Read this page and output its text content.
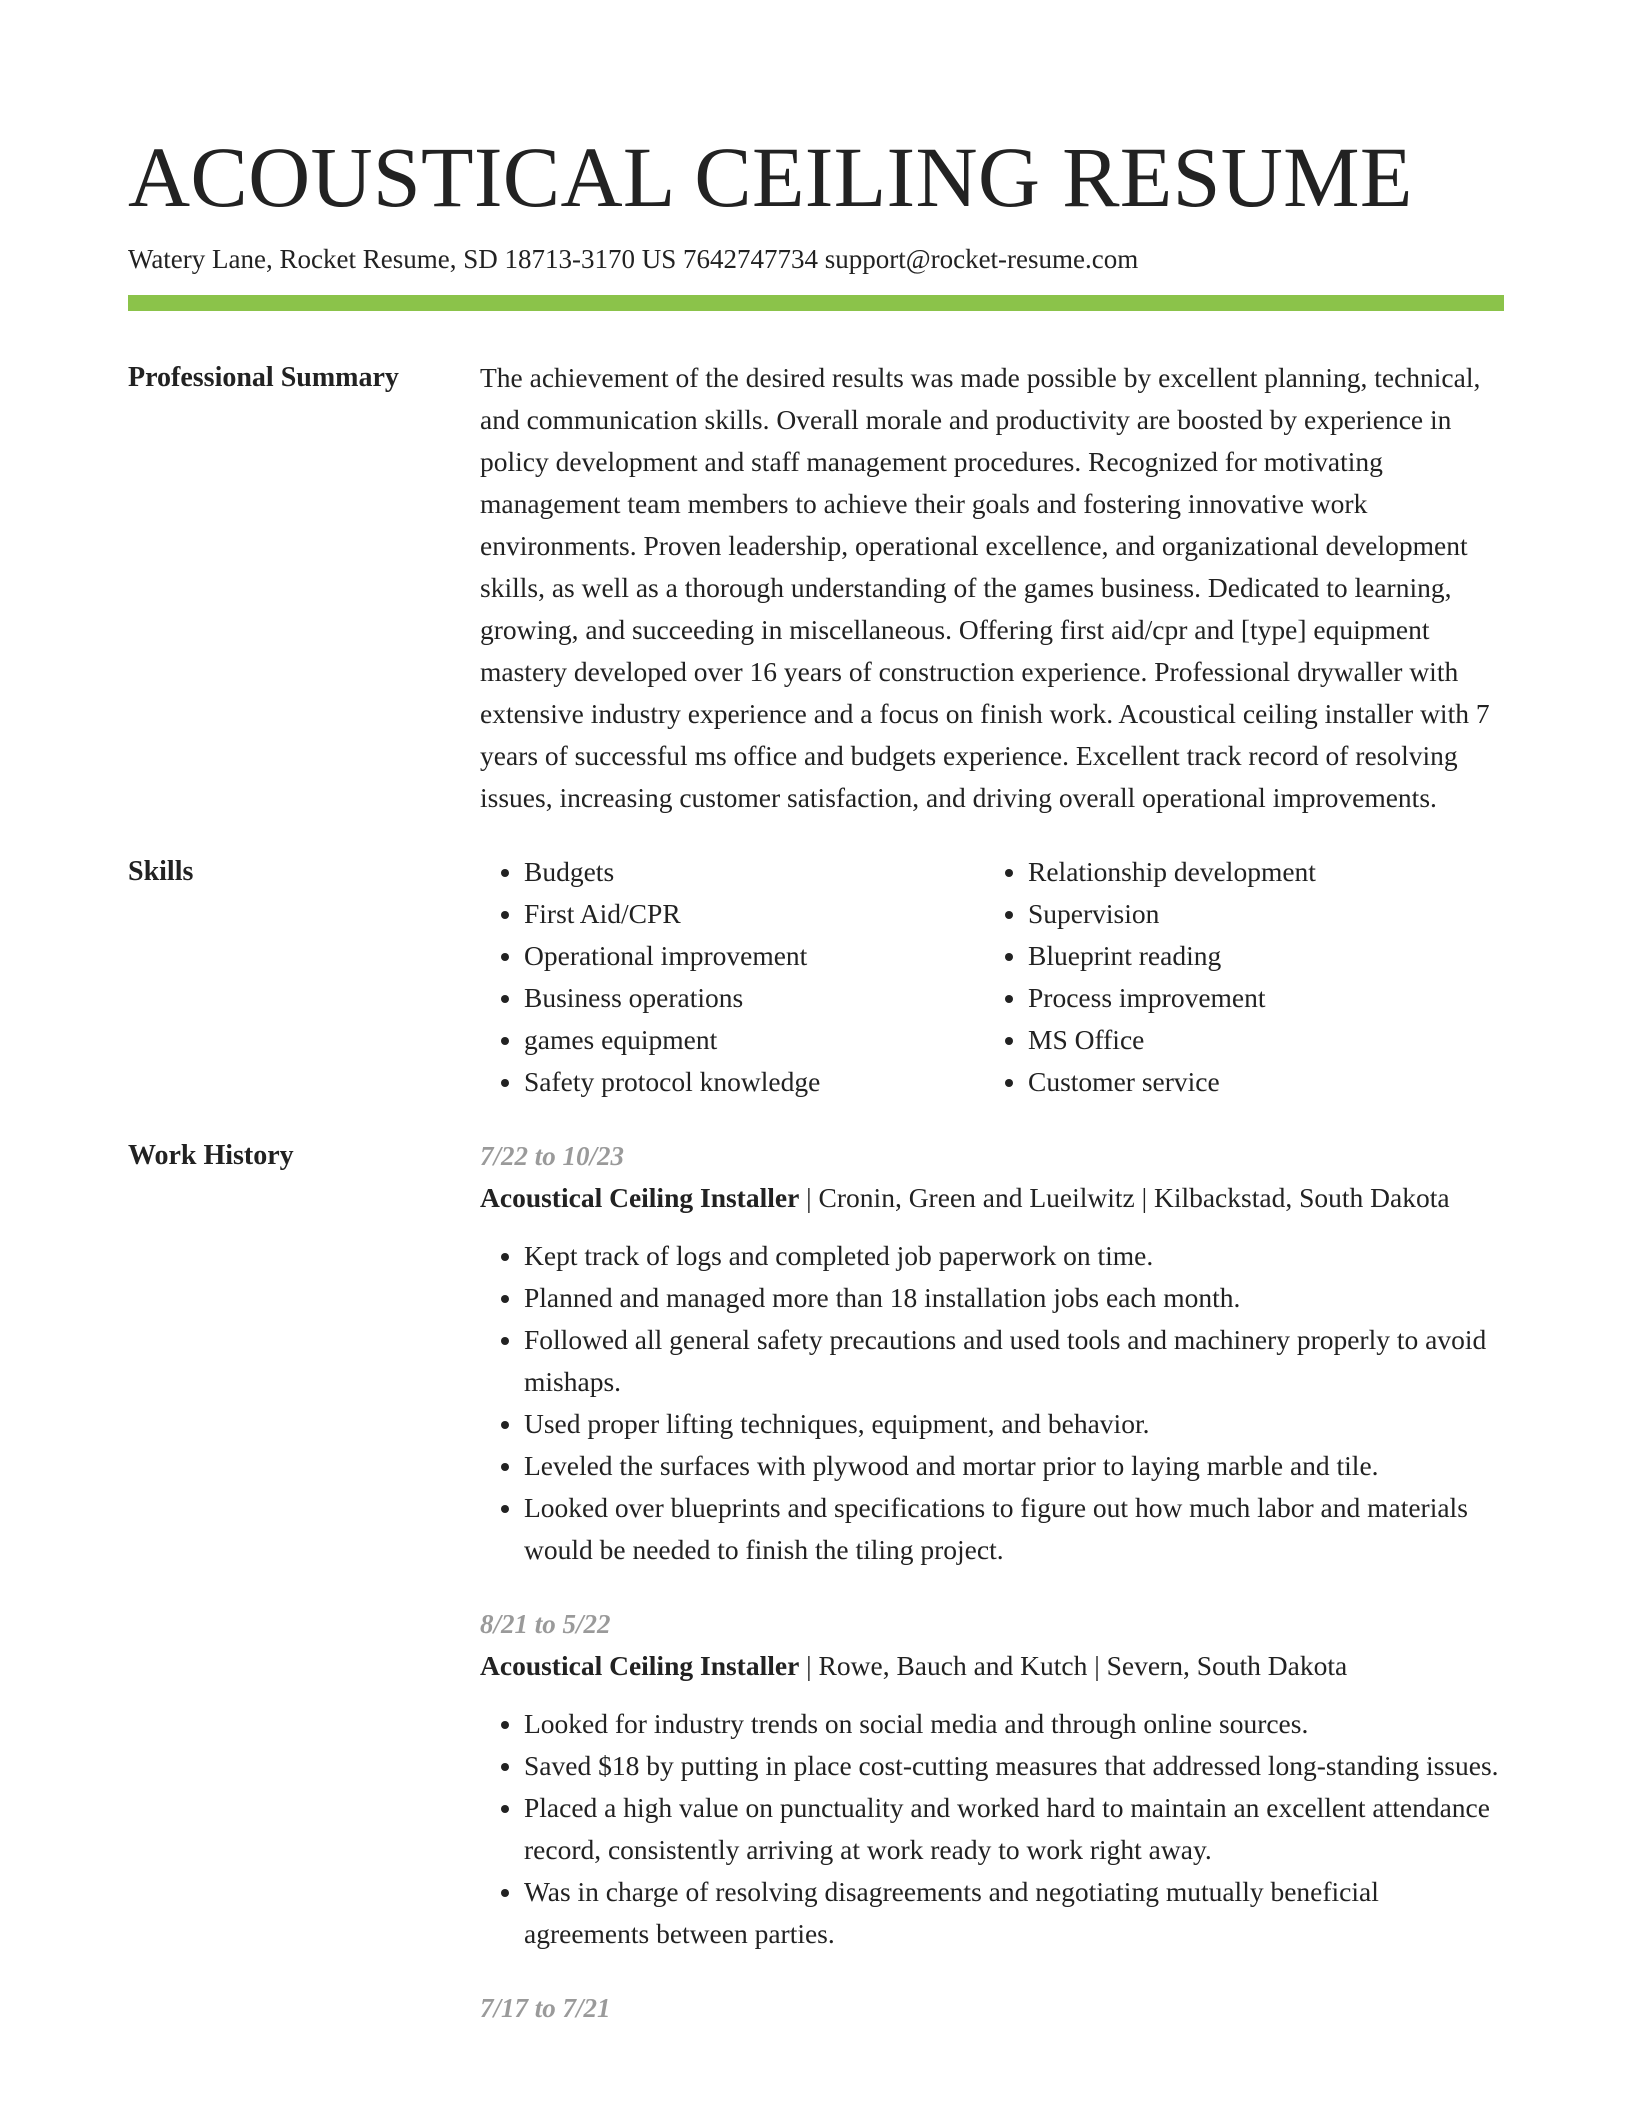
ACOUSTICAL CEILING RESUME
Watery Lane, Rocket Resume, SD 18713-3170 US 7642747734 support@rocket-resume.com
Professional Summary	The achievement of the desired results was made possible by excellent planning, technical, and communication skills. Overall morale and productivity are boosted by experience in policy development and staff management procedures. Recognized for motivating management team members to achieve their goals and fostering innovative work environments. Proven leadership, operational excellence, and organizational development skills, as well as a thorough understanding of the games business. Dedicated to learning, growing, and succeeding in miscellaneous. Offering first aid/cpr and [type] equipment mastery developed over 16 years of construction experience. Professional drywaller with extensive industry experience and a focus on finish work. Acoustical ceiling installer with 7 years of successful ms office and budgets experience. Excellent track record of resolving issues, increasing customer satisfaction, and driving overall operational improvements.

Skills
•	Budgets
• First Aid/CPR
• Operational improvement
• Business operations
• games equipment
• Safety protocol knowledge
• Relationship development
• Supervision
• Blueprint reading
• Process improvement
• MS Office
• Customer service
Work History	7/22 to 10/23
Acoustical Ceiling Installer | Cronin, Green and Lueilwitz | Kilbackstad, South Dakota
• Kept track of logs and completed job paperwork on time.
• Planned and managed more than 18 installation jobs each month.
• Followed all general safety precautions and used tools and machinery properly to avoid mishaps.
• Used proper lifting techniques, equipment, and behavior.
• Leveled the surfaces with plywood and mortar prior to laying marble and tile.
• Looked over blueprints and specifications to figure out how much labor and materials would be needed to finish the tiling project.
8/21 to 5/22
Acoustical Ceiling Installer | Rowe, Bauch and Kutch | Severn, South Dakota
• Looked for industry trends on social media and through online sources.
• Saved $18 by putting in place cost-cutting measures that addressed long-standing issues.
• Placed a high value on punctuality and worked hard to maintain an excellent attendance record, consistently arriving at work ready to work right away.
• Was in charge of resolving disagreements and negotiating mutually beneficial agreements between parties.
7/17 to 7/21
